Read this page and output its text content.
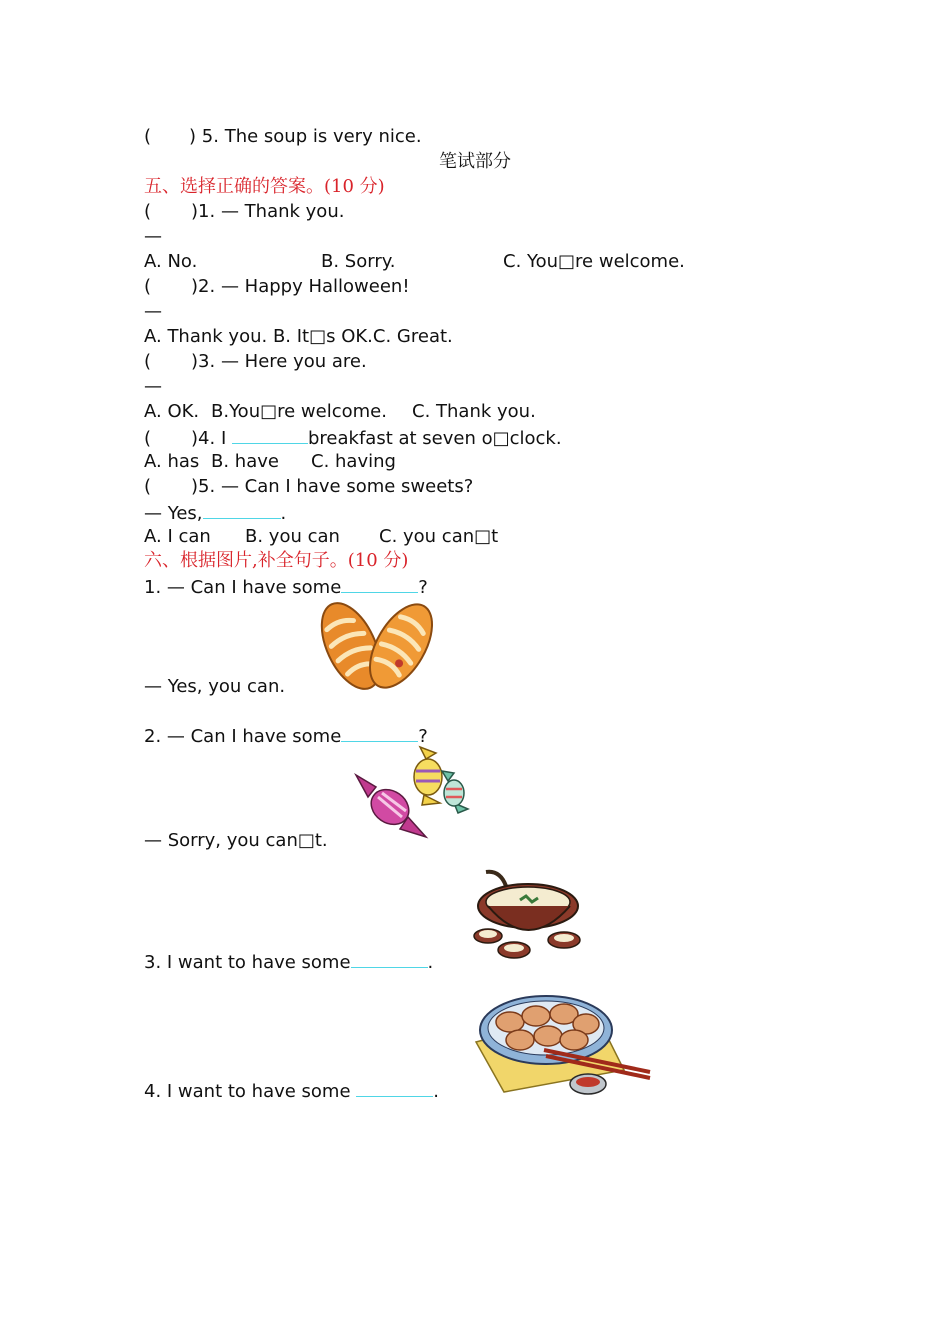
( ) 5. The soup is very nice.
笔试部分
五、选择正确的答案。(10 分)
( )1. — Thank you.
—
A. No.	B. Sorry.	C. You□re welcome.
( )2. — Happy Halloween!
—
A. Thank you. B. It□s OK.C. Great.
( )3. — Here you are.
—
A. OK. B.You□re welcome. C. Thank you.
( )4. I	breakfast at seven o□clock.
A. has B. have C. having
( )5. — Can I have some sweets?
— Yes,	.
A. I can B. you can C. you can□t
六、根据图片,补全句子。(10 分)
1. — Can I have some	?
— Yes, you can.
2. — Can I have some	?
— Sorry, you can□t.
3. I want to have some	.
4. I want to have some	.
